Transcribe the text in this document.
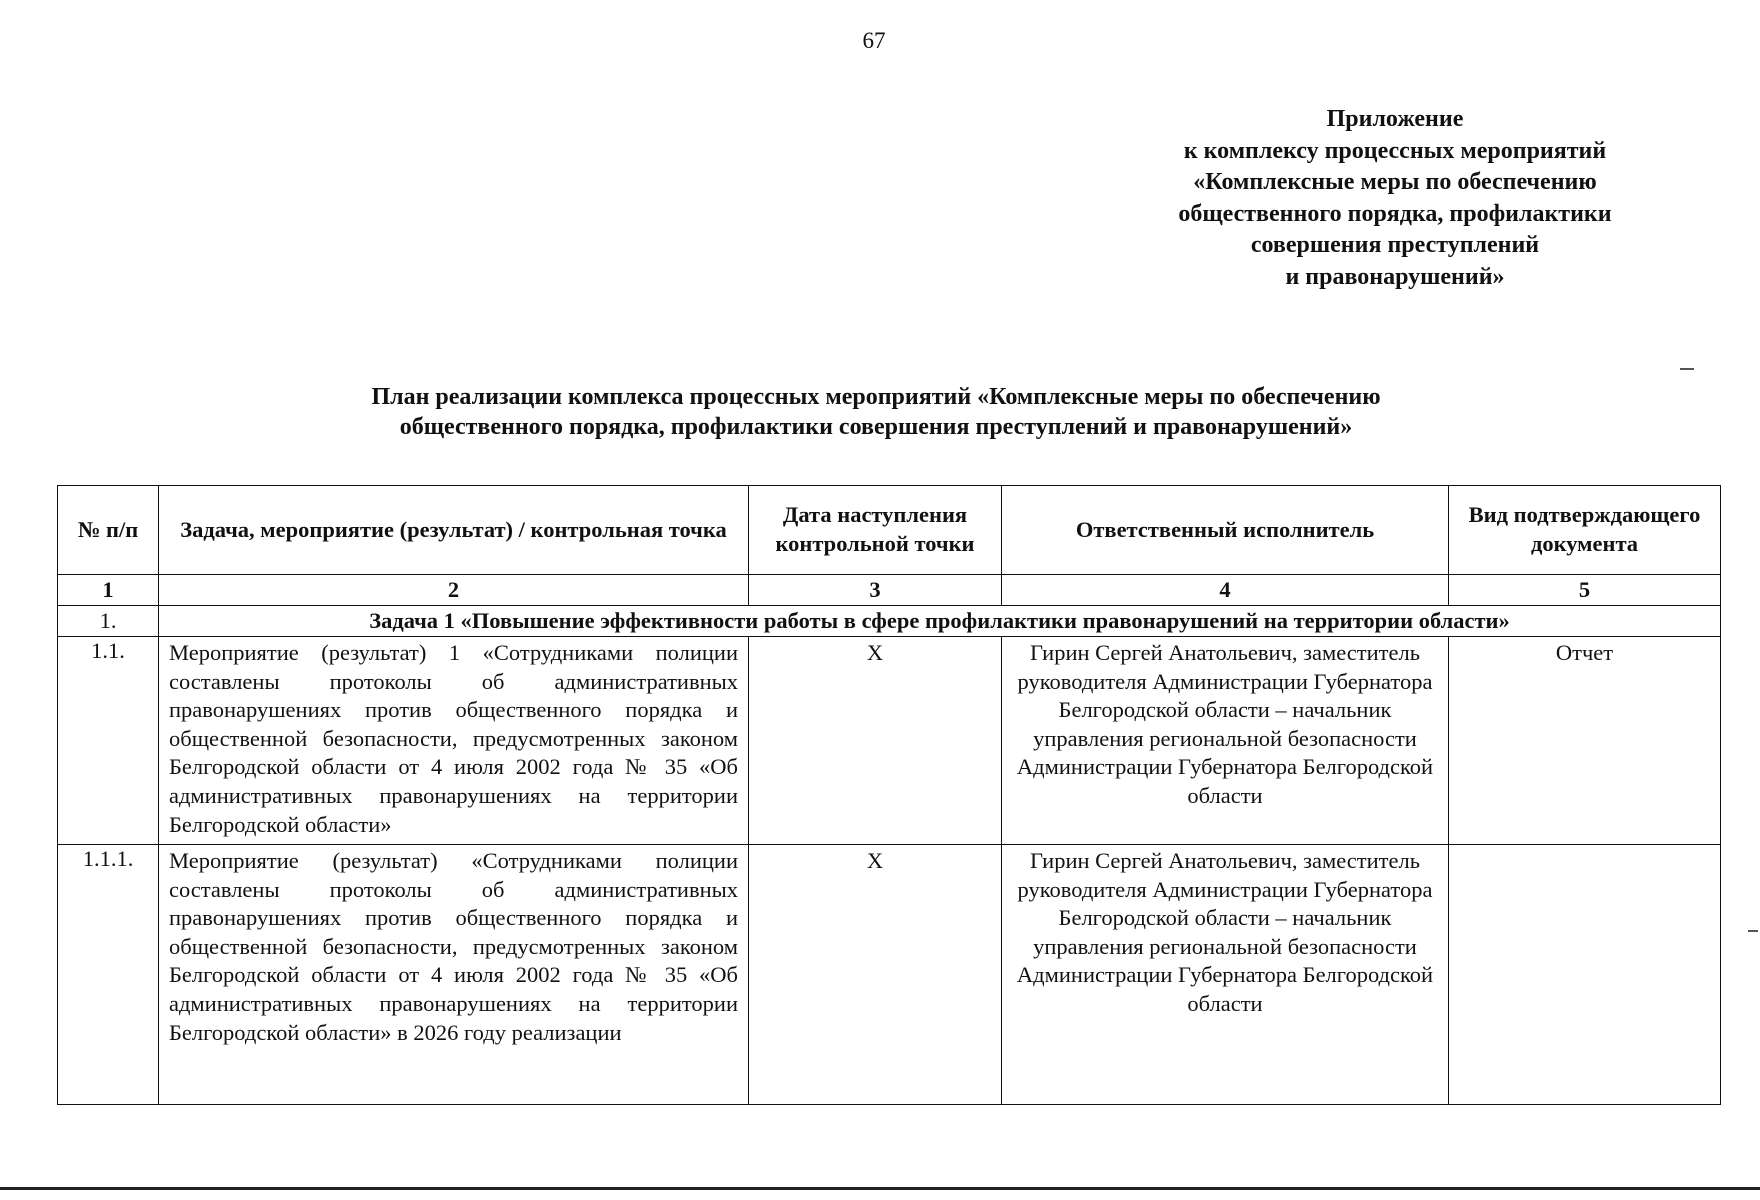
67
Приложение
к комплексу процессных мероприятий
«Комплексные меры по обеспечению
общественного порядка, профилактики
совершения преступлений
и правонарушений»
План реализации комплекса процессных мероприятий «Комплексные меры по обеспечению
общественного порядка, профилактики совершения преступлений и правонарушений»
№ п/п	Задача, мероприятие (результат) / контрольная точка	Дата наступления контрольной точки	Ответственный исполнитель	Вид подтверждающего документа
1	2	3	4	5
1.	Задача 1 «Повышение эффективности работы в сфере профилактики правонарушений на территории области»			
1.1.	Мероприятие (результат) 1 «Сотрудниками полиции составлены протоколы об административных правонарушениях против общественного порядка и общественной безопасности, предусмотренных законом Белгородской области от 4 июля 2002 года № 35 «Об административных правонарушениях на территории Белгородской области»	X	Гирин Сергей Анатольевич, заместитель руководителя Администрации Губернатора Белгородской области – начальник управления региональной безопасности Администрации Губернатора Белгородской области	Отчет
1.1.1.	Мероприятие (результат) «Сотрудниками полиции составлены протоколы об административных правонарушениях против общественного порядка и общественной безопасности, предусмотренных законом Белгородской области от 4 июля 2002 года № 35 «Об административных правонарушениях на территории Белгородской области» в 2026 году реализации	X	Гирин Сергей Анатольевич, заместитель руководителя Администрации Губернатора Белгородской области – начальник управления региональной безопасности Администрации Губернатора Белгородской области	
